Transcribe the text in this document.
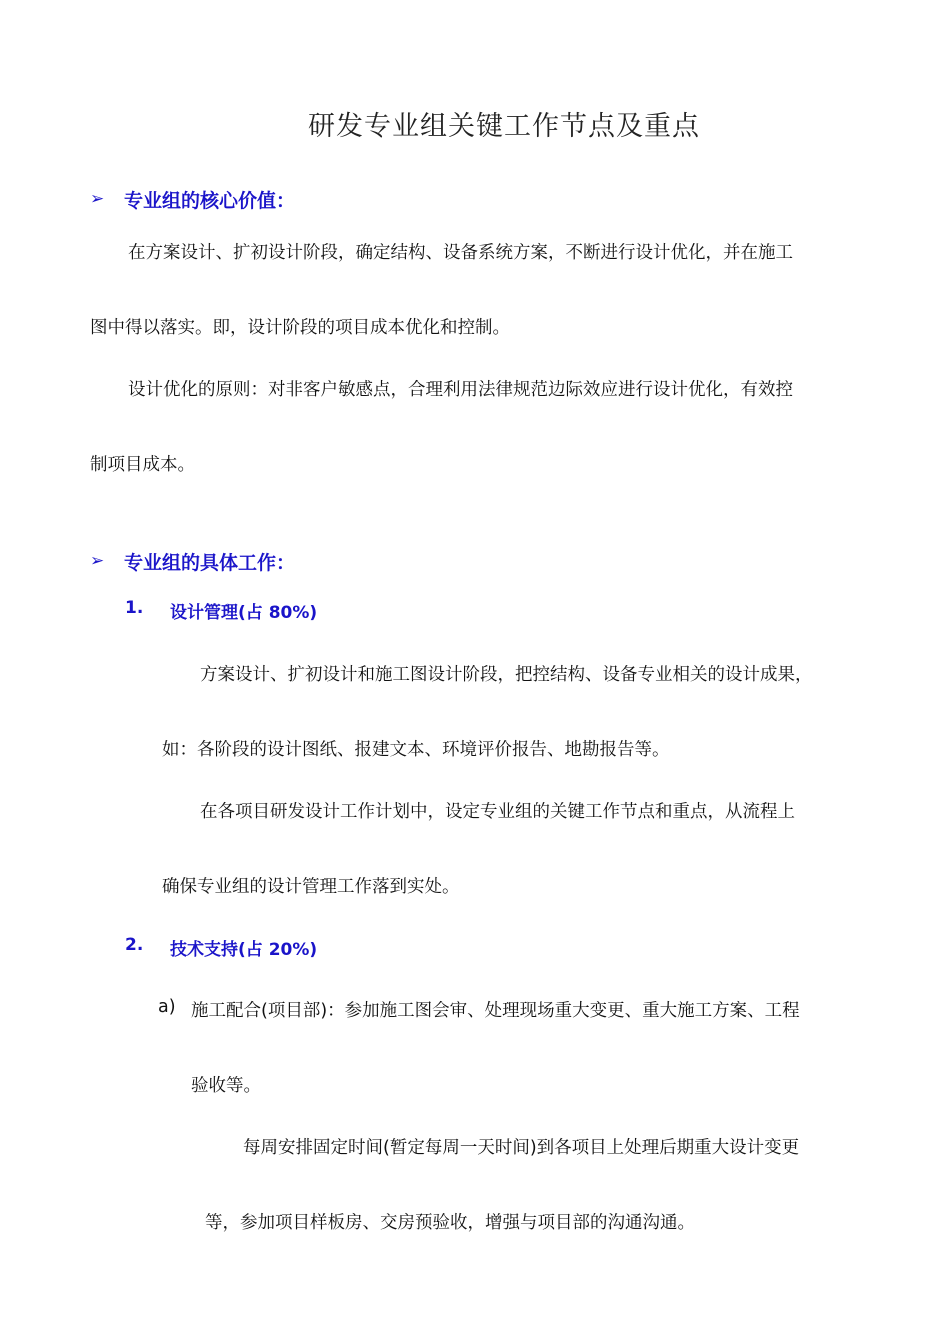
研发专业组关键工作节点及重点
➢ 专业组的核心价值：
在方案设计、扩初设计阶段，确定结构、设备系统方案，不断进行设计优化，并在施工
图中得以落实。即，设计阶段的项目成本优化和控制。
设计优化的原则：对非客户敏感点，合理利用法律规范边际效应进行设计优化，有效控
制项目成本。
➢ 专业组的具体工作：
1. 设计管理(占 80%)
方案设计、扩初设计和施工图设计阶段，把控结构、设备专业相关的设计成果，
如：各阶段的设计图纸、报建文本、环境评价报告、地勘报告等。
在各项目研发设计工作计划中，设定专业组的关键工作节点和重点，从流程上
确保专业组的设计管理工作落到实处。
2. 技术支持(占 20%)
a) 施工配合(项目部)：参加施工图会审、处理现场重大变更、重大施工方案、工程
验收等。
每周安排固定时间(暂定每周一天时间)到各项目上处理后期重大设计变更
等，参加项目样板房、交房预验收，增强与项目部的沟通沟通。
